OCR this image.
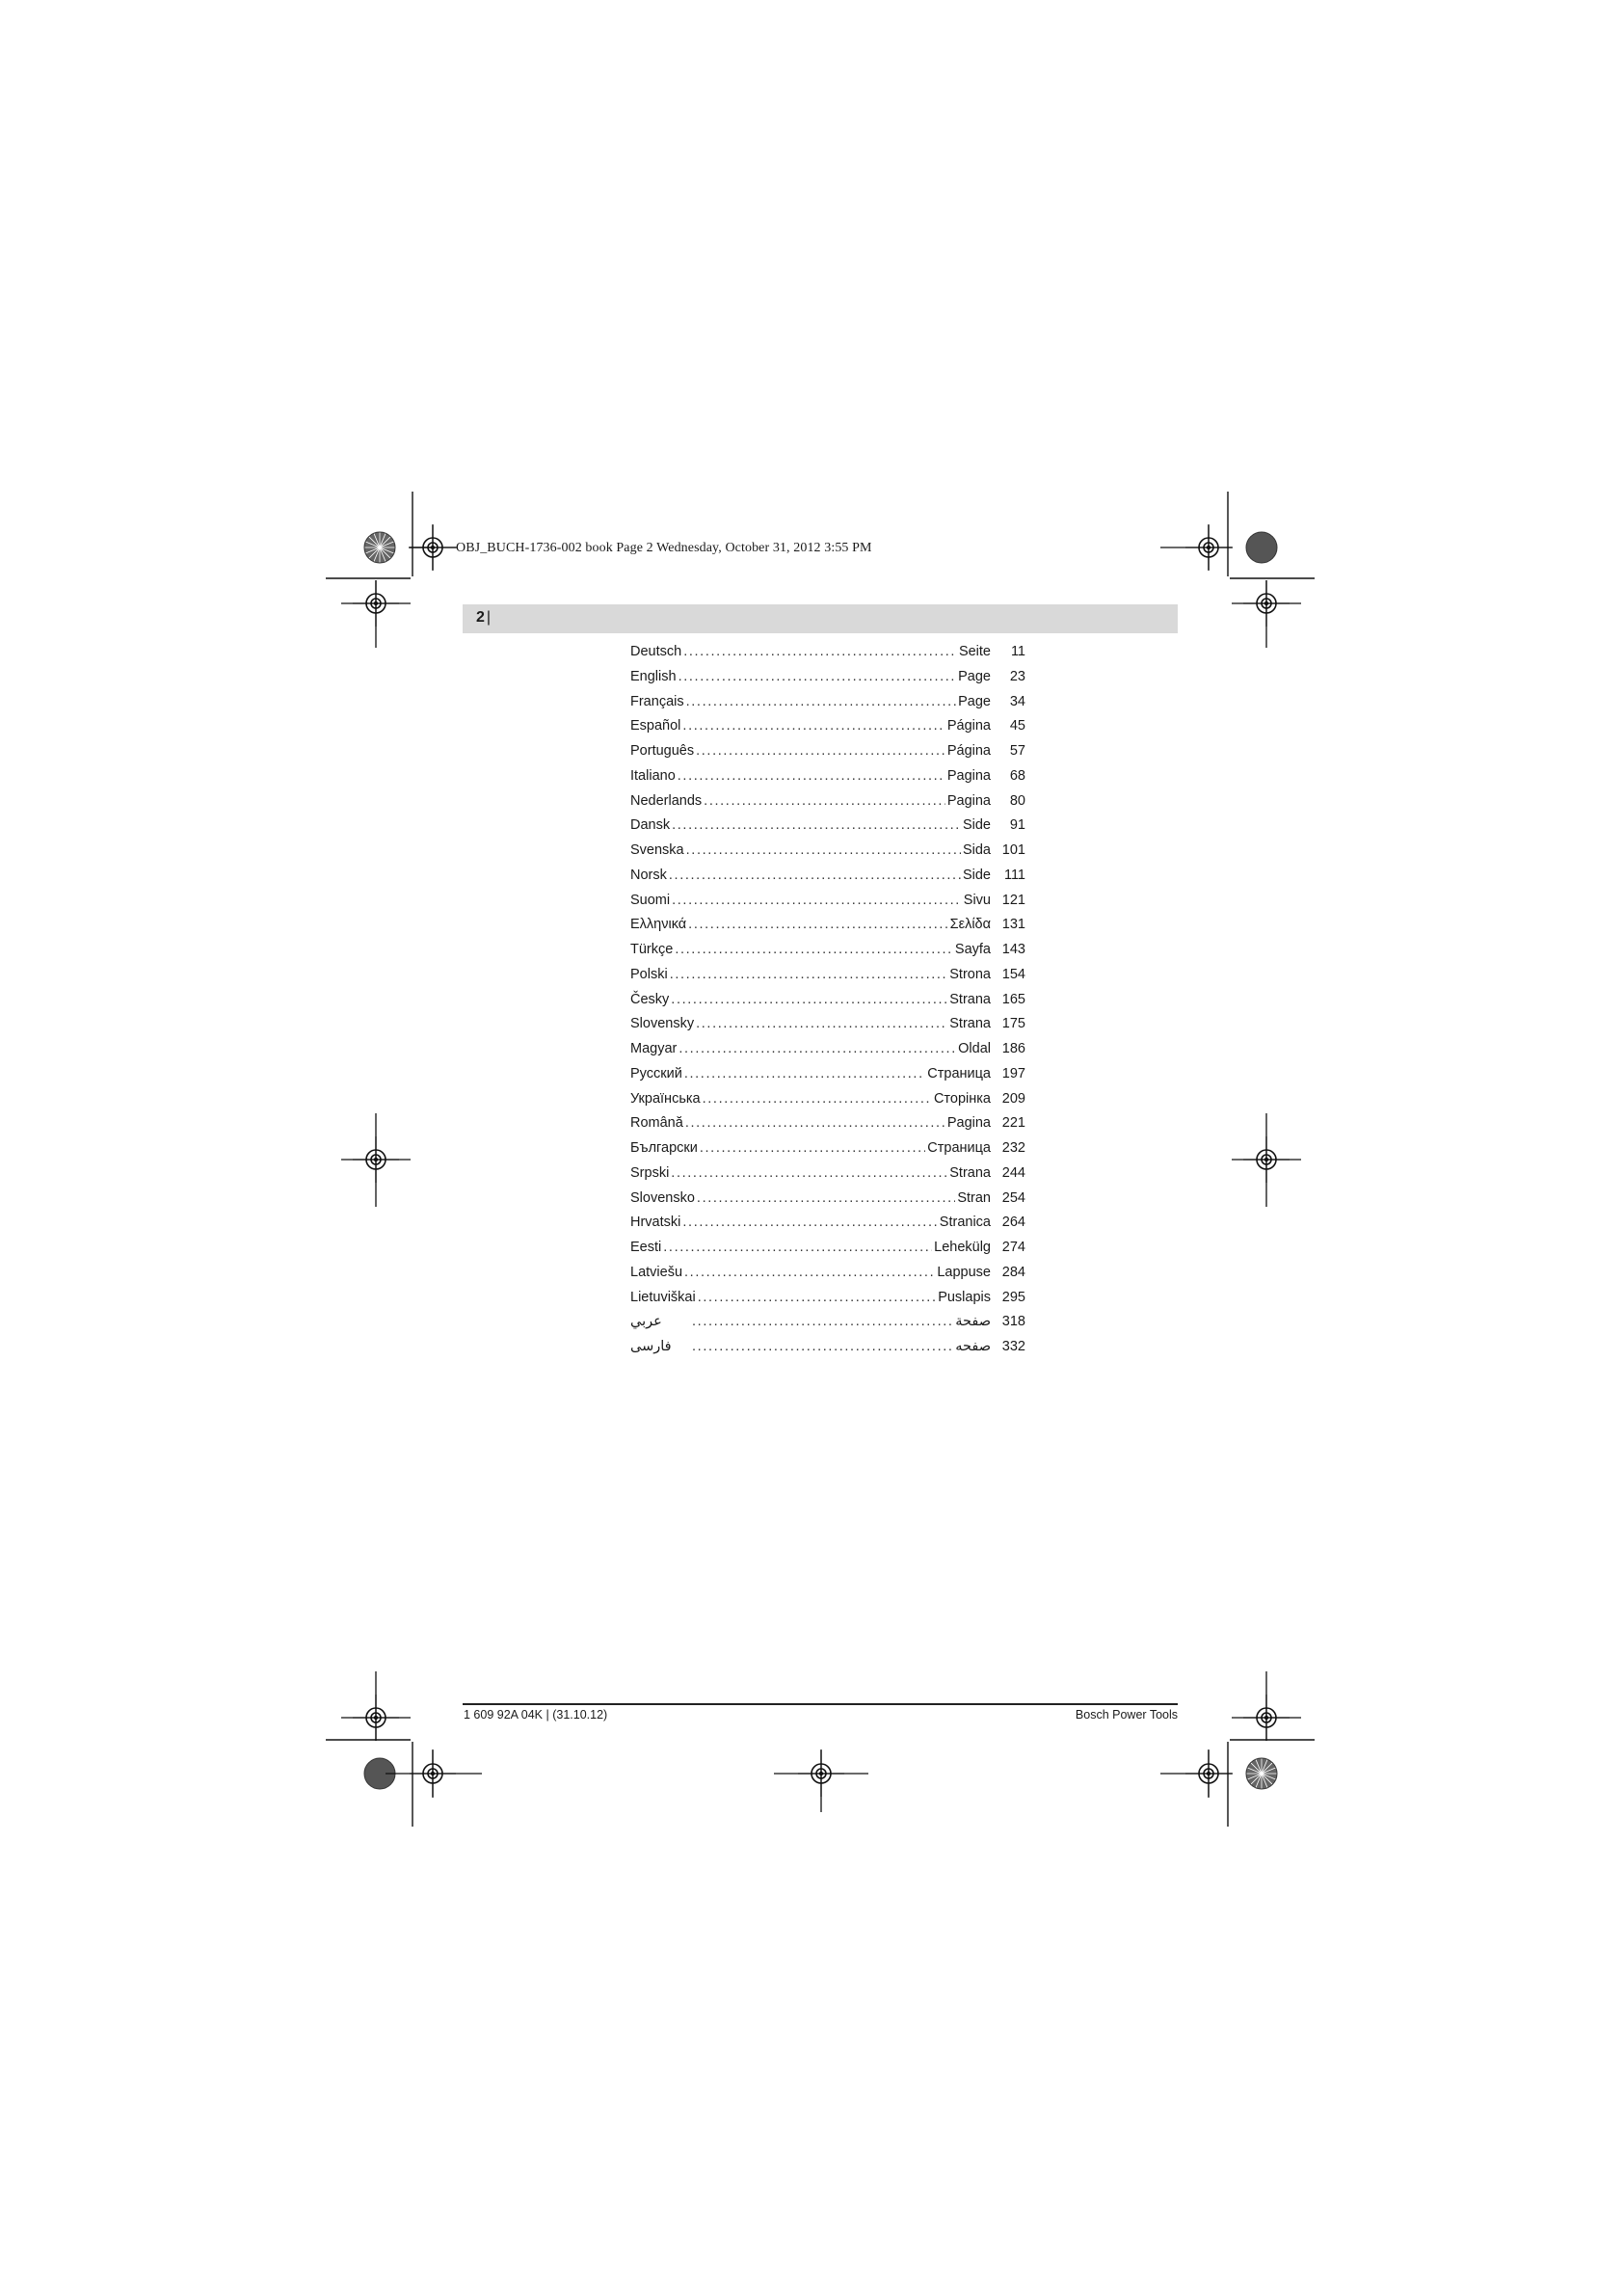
OBJ_BUCH-1736-002 book Page 2 Wednesday, October 31, 2012 3:55 PM
2 |
Deutsch . . .	Seite	11
English . . .	Page	23
Français . . .	Page	34
Español . . .	Página	45
Português . . .	Página	57
Italiano . . .	Pagina	68
Nederlands . . .	Pagina	80
Dansk . . .	Side	91
Svenska . . .	Sida 101
Norsk . . .	Side 111
Suomi . . .	Sivu 121
Ελληνικά . . .	Σελίδα 131
Türkçe . . .	Sayfa 143
Polski . . .	Strona 154
Česky . . .	Strana 165
Slovensky . . .	Strana 175
Magyar . . .	Oldal 186
Русский . . .	Страница 197
Українська . . .	Сторінка 209
Română . . .	Pagina 221
Български . . .	Страница 232
Srpski . . .	Strana 244
Slovensko . . .	Stran 254
Hrvatski . . .	Stranica 264
Eesti . . .	Lehekülg 274
Latviešu . . .	Lappuse 284
Lietuviškai . . .	Puslapis 295
عربي . . .	صفحة 318
فارسی . . .	صفحه 332
1 609 92A 04K | (31.10.12)	Bosch Power Tools
